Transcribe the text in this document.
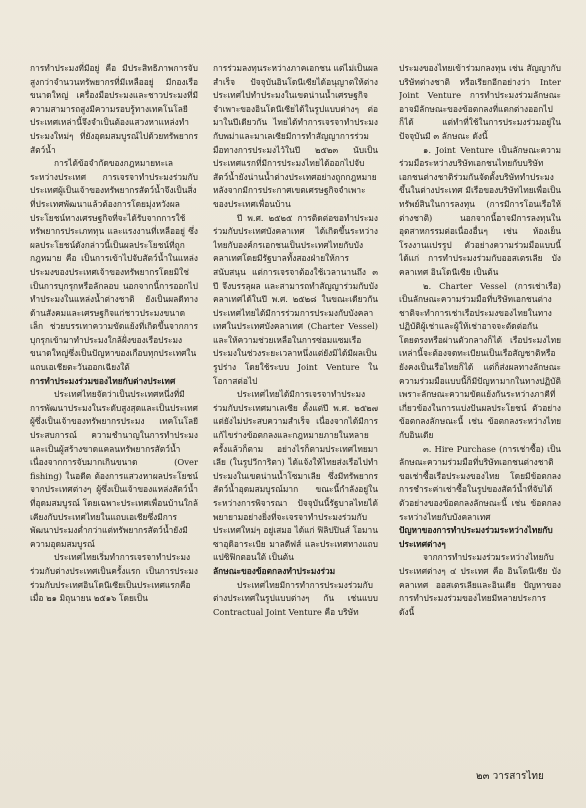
การทำประมงที่มีอยู่ คือ มีประสิทธิภาพการจับสูงกว่าจำนวนทรัพยากรที่มีเหลืออยู่ มีกองเรือขนาดใหญ่ เครื่องมือประมงและชาวประมงที่มีความสามารถสูงมีความรอบรู้ทางเทคโนโลยี ประเทศเหล่านี้จึงจำเป็นต้องแสวงหาแหล่งทำประมงใหม่ๆ ที่ยังอุดมสมบูรณ์ไปด้วยทรัพยากรสัตว์น้ำ

การได้ข้อจำกัดของกฎหมายทะเลระหว่างประเทศ การเจรจาทำประมงร่วมกับประเทศผู้เป็นเจ้าของทรัพยากรสัตว์น้ำจึงเป็นสิ่งที่ประเทศพัฒนาแล้วต้องการโดยมุ่งหวังผลประโยชน์ทางเศรษฐกิจที่จะได้รับจากการใช้ทรัพยากรประเภททุน และแรงงานที่เหลืออยู่ ซึ่งผลประโยชน์ดังกล่าวนี้เป็นผลประโยชน์ที่ถูกกฎหมาย คือ เป็นการเข้าไปจับสัตว์น้ำในแหล่งประมงของประเทศเจ้าของทรัพยากรโดยมิใช่เป็นการบุกรุกหรือลักลอบ นอกจากนี้การออกไปทำประมงในแหล่งน้ำต่างชาติ ยังเป็นผลดีทางด้านสังคมและเศรษฐกิจแก่ชาวประมงขนาดเล็ก ช่วยบรรเทาความขัดแย้งที่เกิดขึ้นจากการบุกรุกเข้ามาทำประมงใกล้ฝั่งของเรือประมงขนาดใหญ่ซึ่งเป็นปัญหาของเกือบทุกประเทศในแถบเอเชียตะวันออกเฉียงใต้

การทำประมงร่วมของไทยกับต่างประเทศ

ประเทศไทยจัดว่าเป็นประเทศหนึ่งที่มีการพัฒนาประมงในระดับสูงสุดและเป็นประเทศผู้ซึ่งเป็นเจ้าของทรัพยากรประมง เทคโนโลยี ประสบการณ์ ความชำนาญในการทำประมงและเป็นผู้สร้างขาดแคลนทรัพยากรสัตว์น้ำ เนื่องจากการจับมากเกินขนาด (Over fishing) ในอดีต ต้องการแสวงหาผลประโยชน์จากประเทศต่างๆ ผู้ซึ่งเป็นเจ้าของแหล่งสัตว์น้ำที่อุดมสมบูรณ์ โดยเฉพาะประเทศเพื่อนบ้านใกล้เคียงกับประเทศไทยในแถบเอเชียซึ่งมีการพัฒนาประมงต่ำกว่าแต่ทรัพยากรสัตว์น้ำยังมีความอุดมสมบูรณ์

ประเทศไทยเริ่มทำการเจรจาทำประมงร่วมกับต่างประเทศเป็นครั้งแรก เป็นการประมงร่วมกับประเทศอินโดนีเซียเป็นประเทศแรกคือ เมื่อ ๒๑ มิถุนายน ๒๕๑๖ โดยเป็น

การร่วมลงทุนระหว่างภาคเอกชน แต่ไม่เป็นผลสำเร็จ ปัจจุบันอินโดนีเซียได้อนุญาตให้ต่างประเทศไปทำประมงในเขตน่านน้ำเศรษฐกิจจำเพาะของอินโดนีเซียได้ในรูปแบบต่างๆ ต่อมาในปีเดียวกัน ไทยได้ทำการเจรจาทำประมงกับพม่าและมาเลเซียมีการทำสัญญาการร่วมมือทางการประมงไว้ในปี ๒๕๒๓ นับเป็นประเทศแรกที่มีการประมงไทยได้ออกไปจับสัตว์น้ำยังน่านน้ำต่างประเทศอย่างถูกกฎหมายหลังจากมีการประกาศเขตเศรษฐกิจจำเพาะของประเทศเพื่อนบ้าน

ปี พ.ศ. ๒๕๒๕ การติดต่อขอทำประมงร่วมกับประเทศบังคลาเทศ ได้เกิดขึ้นระหว่างไทยกับองค์กรเอกชนเป็นประเทศไทยกับบังคลาเทศโดยมีรัฐบาลทั้งสองฝ่ายให้การสนับสนุน แต่การเจรจาต้องใช้เวลานานถึง ๓ ปี จึงบรรลุผล และสามารถทำสัญญาร่วมกับบังคลาเทศได้ในปี พ.ศ. ๒๕๒๘ ในขณะเดียวกันประเทศไทยได้มีการร่วมการประมงกับบังคลาเทศในประเทศบังคลาเทศ (Charter Vessel) และให้ความช่วยเหลือในการซ่อมแซมเรือประมงในช่วงระยะเวลาหนึ่งแต่ยังมิได้มีผลเป็นรูปร่าง โดยใช้ระบบ Joint Venture ในโอกาสต่อไป

ประเทศไทยได้มีการเจรจาทำประมงร่วมกับประเทศมาเลเซีย ตั้งแต่ปี พ.ศ. ๒๕๒๗ แต่ยังไม่ประสบความสำเร็จ เนื่องจากได้มีการแก้ไขร่างข้อตกลงและกฎหมายภายในหลายครั้งแล้วก็ตาม อย่างไรก็ตามประเทศไทยมาเลีย (ในรูปวีการิตา) ได้แจ้งให้ไทยส่งเรือไปทำประมงในเขตน่านน้ำโซมาเลีย ซึ่งมีทรัพยากรสัตว์น้ำอุดมสมบูรณ์มาก ขณะนี้กำลังอยู่ในระหว่างการพิจารณา ปัจจุบันนี้รัฐบาลไทยได้พยายามอย่างยิ่งที่จะเจรจาทำประมงร่วมกับประเทศใหม่ๆ อยู่เสมอ ได้แก่ ฟิลิปปินส์ โอมาน ซาอุดิอาระเบีย มาลดีฟส์ และประเทศทางแถบแปซิฟิกตอนใต้ เป็นต้น

ลักษณะของข้อตกลงทำประมงร่วม

ประเทศไทยมีการทำการประมงร่วมกับต่างประเทศในรูปแบบต่างๆ กัน เช่นแบบ Contractual Joint Venture คือ บริษัท

ประมงของไทยเข้าร่วมกลงทุน เช่น สัญญากับบริษัทต่างชาติ หรือเรียกอีกอย่างว่า Inter Joint Venture การทำประมงร่วมลักษณะ อาจมีลักษณะของข้อตกลงที่แตกต่างออกไปก็ได้ แต่ทำที่ใช้ในการประมงร่วมอยู่ในปัจจุบันมี ๓ ลักษณะ ดังนี้

๑. Joint Venture เป็นลักษณะความร่วมมือระหว่างบริษัทเอกชนไทยกับบริษัทเอกชนต่างชาติร่วมกันจัดตั้งบริษัททำประมงขึ้นในต่างประเทศ มีเรือของบริษัทไทยเพื่อเป็นทรัพย์สินในการลงทุน (การมีการโอนเรือให้ต่างชาติ) นอกจากนี้อาจมีการลงทุนในอุตสาหกรรมต่อเนื่องอื่นๆ เช่น ห้องเย็น โรงงานแปรรูป ตัวอย่างความร่วมมือแบบนี้ ได้แก่ การทำประมงร่วมกับออสเตรเลีย บังคลาเทศ อินโดนีเซีย เป็นต้น

๒. Charter Vessel (การเช่าเรือ) เป็นลักษณะความร่วมมือที่บริษัทเอกชนต่างชาติจะทำการเช่าเรือประมงของไทยในทางปฏิบัติผู้เช่าและผู้ให้เช่าอาจจะตัดต่อกันโดยตรงหรือผ่านตัวกลางก็ได้ เรือประมงไทยเหล่านี้จะต้องจดทะเบียนเป็นเรือสัญชาติหรือยังคงเป็นเรือไทยก็ได้ แต่ก็ส่งผลทางลักษณะความร่วมมือแบบนี้ก็มีปัญหามากในทางปฏิบัติ เพราะลักษณะความขัดแย้งกันระหว่างภาคีที่เกี่ยวข้องในการแบ่งปันผลประโยชน์ ตัวอย่างข้อตกลงลักษณะนี้ เช่น ข้อตกลงระหว่างไทยกับอินเดีย

๓. Hire Purchase (การเช่าซื้อ) เป็นลักษณะความร่วมมือที่บริษัทเอกชนต่างชาติขอเช่าซื้อเรือประมงของไทย โดยมีข้อตกลงการชำระค่าเช่าซื้อในรูปของสัตว์น้ำที่จับได้ ตัวอย่างของข้อตกลงลักษณะนี้ เช่น ข้อตกลงระหว่างไทยกับบังคลาเทศ

ปัญหาของการทำประมงร่วมระหว่างไทยกับประเทศต่างๆ

จากการทำประมงร่วมระหว่างไทยกับประเทศต่างๆ ๔ ประเทศ คือ อินโดนีเซีย บังคลาเทศ ออสเตรเลียและอินเดีย ปัญหาของการทำประมงร่วมของไทยมีหลายประการดังนี้

๒๓ วารสารไทย
